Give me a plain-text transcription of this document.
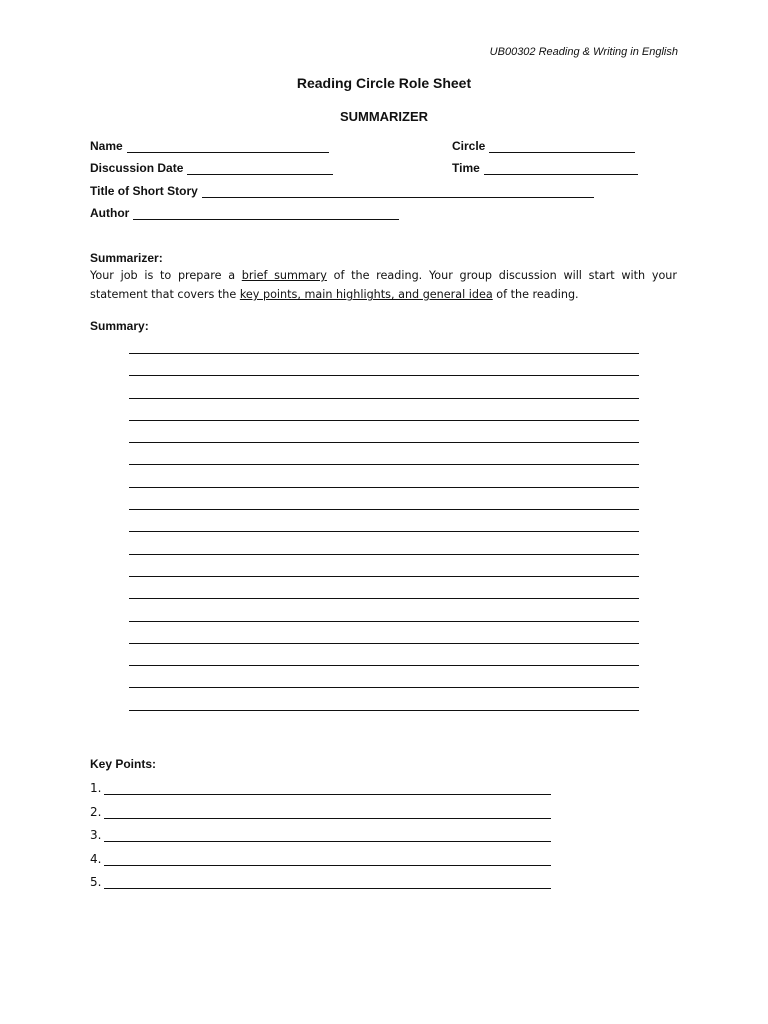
UB00302 Reading & Writing in English
Reading Circle Role Sheet
SUMMARIZER
Name	Circle
Discussion Date	Time
Title of Short Story
Author
Summarizer:
Your job is to prepare a brief summary of the reading. Your group discussion will start with your statement that covers the key points, main highlights, and general idea of the reading.
Summary:
Key Points:
1.
2.
3.
4.
5.
